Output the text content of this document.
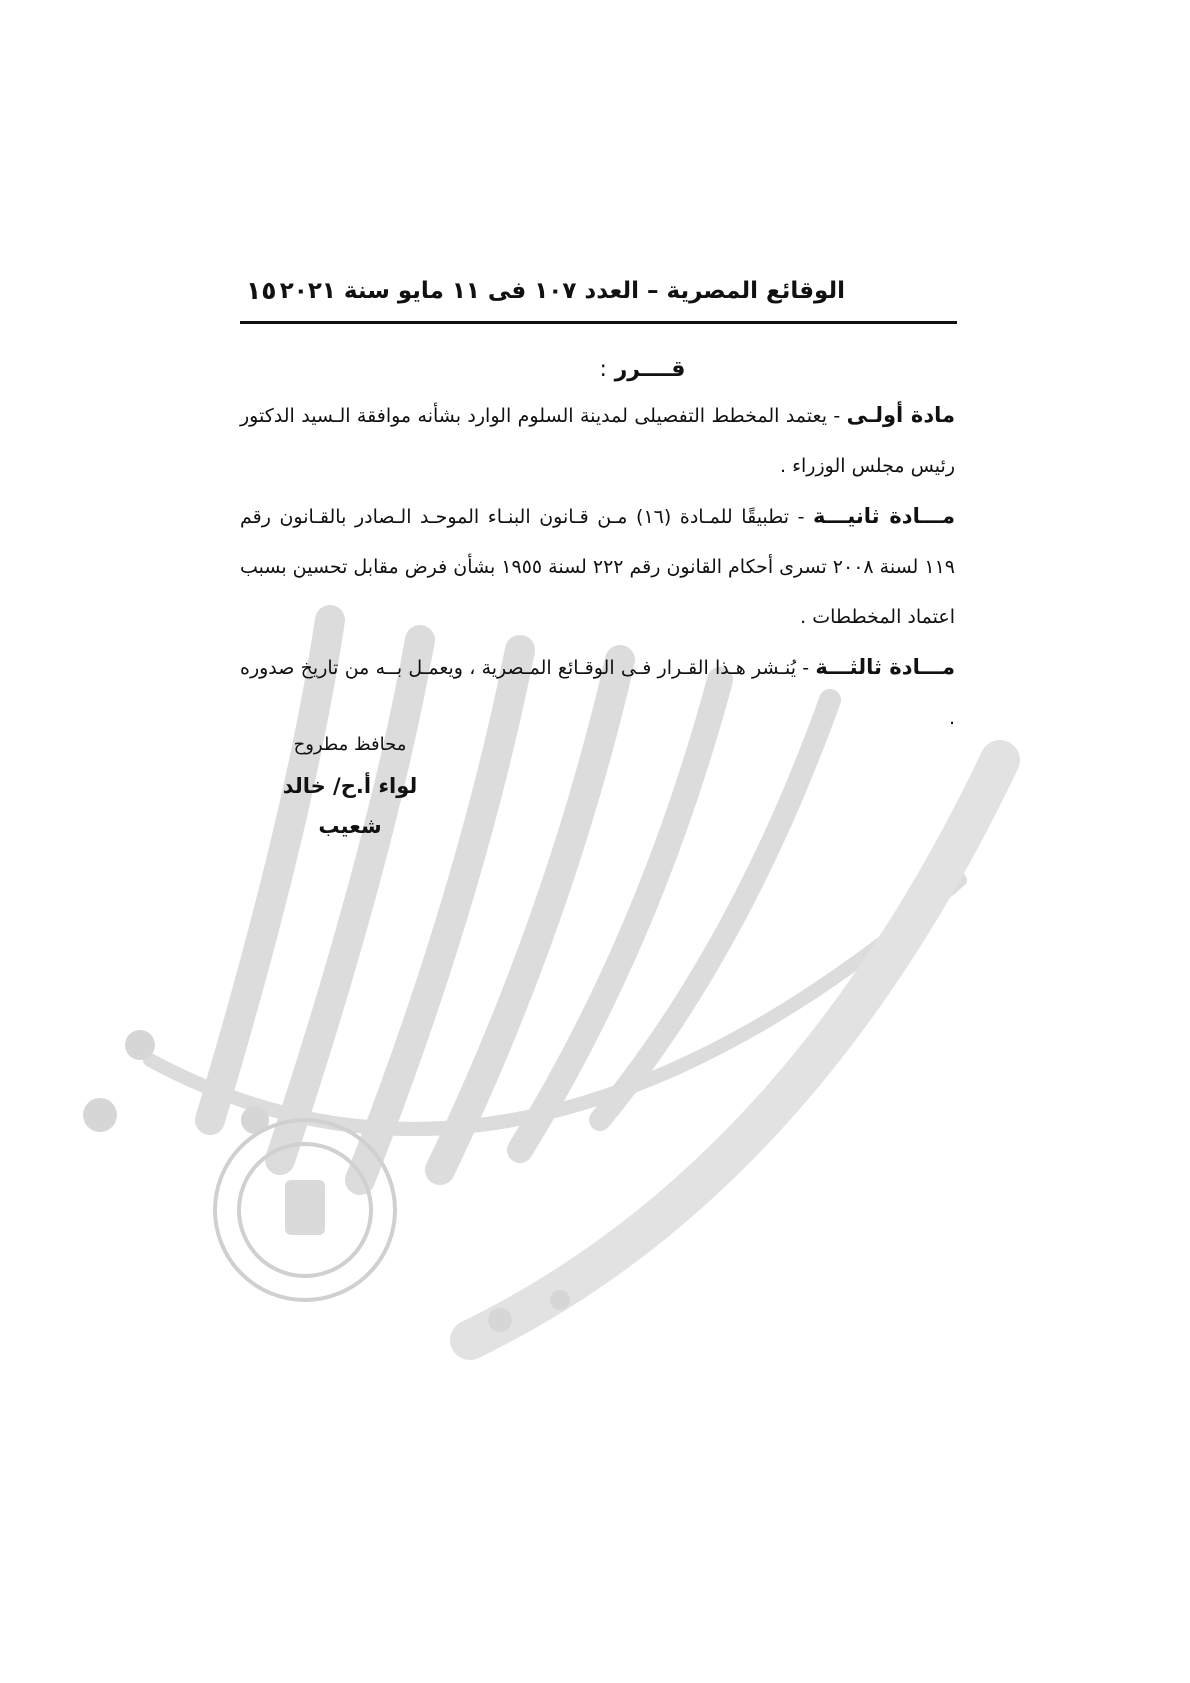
الوقائع المصرية – العدد ١٠٧ فى ١١ مايو سنة ٢٠٢١
١٥
قــــرر :

مادة أولـى - يعتمد المخطط التفصيلى لمدينة السلوم الوارد بشأنه موافقة الـسيد الدكتور رئيس مجلس الوزراء .

مـــادة ثانيـــة - تطبيقًا للمـادة (١٦) مـن قـانون البنـاء الموحـد الـصادر بالقـانون رقم ١١٩ لسنة ٢٠٠٨ تسرى أحكام القانون رقم ٢٢٢ لسنة ١٩٥٥ بشأن فرض مقابل تحسين بسبب اعتماد المخططات .

مـــادة ثالثـــة - يُنـشر هـذا القـرار فـى الوقـائع المـصرية ، ويعمـل بــه من تاريخ صدوره .

محافظ مطروح
لواء أ.ح/ خالد شعيب
